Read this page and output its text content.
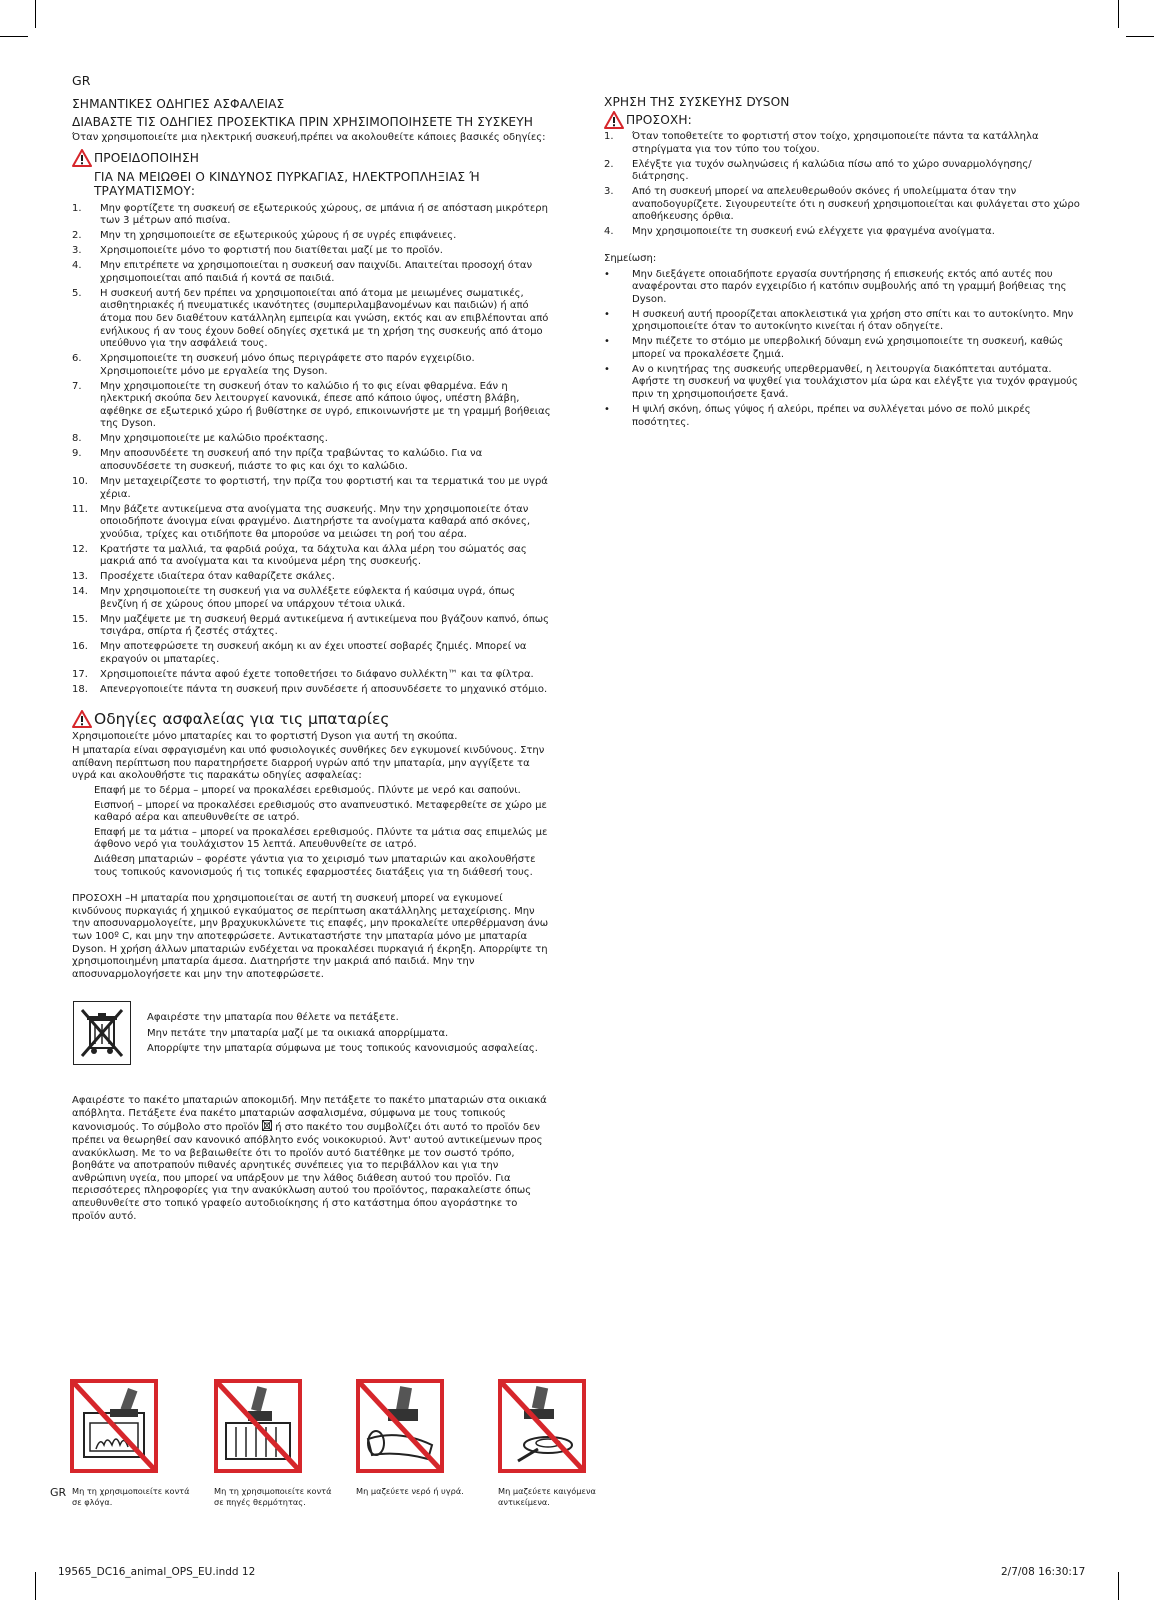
GR
ΣΗΜΑΝΤΙΚΕΣ ΟΔΗΓΙΕΣ ΑΣΦΑΛΕΙΑΣ
ΔΙΑΒΑΣΤΕ ΤΙΣ ΟΔΗΓΙΕΣ ΠΡΟΣΕΚΤΙΚΑ ΠΡΙΝ ΧΡΗΣΙΜΟΠΟΙΗΣΕΤΕ ΤΗ ΣΥΣΚΕΥΗ

Όταν χρησιμοποιείτε μια ηλεκτρική συσκευή,πρέπει να ακολουθείτε κάποιες βασικές οδηγίες:

ΠΡΟΕΙΔΟΠΟΙΗΣΗ

ΓΙΑ ΝΑ ΜΕΙΩΘΕΙ Ο ΚΙΝΔΥΝΟΣ ΠΥΡΚΑΓΙΑΣ, ΗΛΕΚΤΡΟΠΛΗΞΙΑΣ Ή ΤΡΑΥΜΑΤΙΣΜΟΥ:

1.	Μην φορτίζετε τη συσκευή σε εξωτερικούς χώρους, σε μπάνια ή σε απόσταση μικρότερη των 3 μέτρων από πισίνα.
2.	Μην τη χρησιμοποιείτε σε εξωτερικούς χώρους ή σε υγρές επιφάνειες.
3.	Χρησιμοποιείτε μόνο το φορτιστή που διατίθεται μαζί με το προϊόν.
4.	Μην επιτρέπετε να χρησιμοποιείται η συσκευή σαν παιχνίδι. Απαιτείται προσοχή όταν χρησιμοποιείται από παιδιά ή κοντά σε παιδιά.
5.	Η συσκευή αυτή δεν πρέπει να χρησιμοποιείται από άτομα με μειωμένες σωματικές, αισθητηριακές ή πνευματικές ικανότητες (συμπεριλαμβανομένων και παιδιών) ή από άτομα που δεν διαθέτουν κατάλληλη εμπειρία και γνώση, εκτός και αν επιβλέπονται από ενήλικους ή αν τους έχουν δοθεί οδηγίες σχετικά με τη χρήση της συσκευής από άτομο υπεύθυνο για την ασφάλειά τους.
6.	Χρησιμοποιείτε τη συσκευή μόνο όπως περιγράφετε στο παρόν εγχειρίδιο. Χρησιμοποιείτε μόνο με εργαλεία της Dyson.
7.	Μην χρησιμοποιείτε τη συσκευή όταν το καλώδιο ή το φις είναι φθαρμένα. Εάν η ηλεκτρική σκούπα δεν λειτουργεί κανονικά, έπεσε από κάποιο ύψος, υπέστη βλάβη, αφέθηκε σε εξωτερικό χώρο ή βυθίστηκε σε υγρό, επικοινωνήστε με τη γραμμή βοήθειας της Dyson.
8.	Μην χρησιμοποιείτε με καλώδιο προέκτασης.
9.	Μην αποσυνδέετε τη συσκευή από την πρίζα τραβώντας το καλώδιο. Για να αποσυνδέσετε τη συσκευή, πιάστε το φις και όχι το καλώδιο.
10.	Μην μεταχειρίζεστε το φορτιστή, την πρίζα του φορτιστή και τα τερματικά του με υγρά χέρια.
11.	Μην βάζετε αντικείμενα στα ανοίγματα της συσκευής. Μην την χρησιμοποιείτε όταν οποιοδήποτε άνοιγμα είναι φραγμένο. Διατηρήστε τα ανοίγματα καθαρά από σκόνες, χνούδια, τρίχες και οτιδήποτε θα μπορούσε να μειώσει τη ροή του αέρα.
12.	Κρατήστε τα μαλλιά, τα φαρδιά ρούχα, τα δάχτυλα και άλλα μέρη του σώματός σας μακριά από τα ανοίγματα και τα κινούμενα μέρη της συσκευής.
13.	Προσέχετε ιδιαίτερα όταν καθαρίζετε σκάλες.
14.	Μην χρησιμοποιείτε τη συσκευή για να συλλέξετε εύφλεκτα ή καύσιμα υγρά, όπως βενζίνη ή σε χώρους όπου μπορεί να υπάρχουν τέτοια υλικά.
15.	Μην μαζέψετε με τη συσκευή θερμά αντικείμενα ή αντικείμενα που βγάζουν καπνό, όπως τσιγάρα, σπίρτα ή ζεστές στάχτες.
16.	Μην αποτεφρώσετε τη συσκευή ακόμη κι αν έχει υποστεί σοβαρές ζημιές. Μπορεί να εκραγούν οι μπαταρίες.
17.	Χρησιμοποιείτε πάντα αφού έχετε τοποθετήσει το διάφανο συλλέκτη™ και τα φίλτρα.
18.	Απενεργοποιείτε πάντα τη συσκευή πριν συνδέσετε ή αποσυνδέσετε το μηχανικό στόμιο.
Οδηγίες ασφαλείας για τις μπαταρίες

Χρησιμοποιείτε μόνο μπαταρίες και το φορτιστή Dyson για αυτή τη σκούπα.

Η μπαταρία είναι σφραγισμένη και υπό φυσιολογικές συνθήκες δεν εγκυμονεί κινδύνους. Στην απίθανη περίπτωση που παρατηρήσετε διαρροή υγρών από την μπαταρία, μην αγγίξετε τα υγρά και ακολουθήστε τις παρακάτω οδηγίες ασφαλείας:

Επαφή με το δέρμα – μπορεί να προκαλέσει ερεθισμούς. Πλύντε με νερό και σαπούνι.

Εισπνοή – μπορεί να προκαλέσει ερεθισμούς στο αναπνευστικό. Μεταφερθείτε σε χώρο με καθαρό αέρα και απευθυνθείτε σε ιατρό.

Επαφή με τα μάτια – μπορεί να προκαλέσει ερεθισμούς. Πλύντε τα μάτια σας επιμελώς με άφθονο νερό για τουλάχιστον 15 λεπτά. Απευθυνθείτε σε ιατρό.

Διάθεση μπαταριών – φορέστε γάντια για το χειρισμό των μπαταριών και ακολουθήστε τους τοπικούς κανονισμούς ή τις τοπικές εφαρμοστέες διατάξεις για τη διάθεσή τους.

ΠΡΟΣΟΧΗ –Η μπαταρία που χρησιμοποιείται σε αυτή τη συσκευή μπορεί να εγκυμονεί κινδύνους πυρκαγιάς ή χημικού εγκαύματος σε περίπτωση ακατάλληλης μεταχείρισης. Μην την αποσυναρμολογείτε, μην βραχυκυκλώνετε τις επαφές, μην προκαλείτε υπερθέρμανση άνω των 100º C, και μην την αποτεφρώσετε. Αντικαταστήστε την μπαταρία μόνο με μπαταρία Dyson. Η χρήση άλλων μπαταριών ενδέχεται να προκαλέσει πυρκαγιά ή έκρηξη. Απορρίψτε τη χρησιμοποιημένη μπαταρία άμεσα. Διατηρήστε την μακριά από παιδιά. Μην την αποσυναρμολογήσετε και μην την αποτεφρώσετε.

Αφαιρέστε την μπαταρία που θέλετε να πετάξετε.

Μην πετάτε την μπαταρία μαζί με τα οικιακά απορρίμματα.

Απορρίψτε την μπαταρία σύμφωνα με τους τοπικούς κανονισμούς ασφαλείας.

Αφαιρέστε το πακέτο μπαταριών αποκομιδή. Μην πετάξετε το πακέτο μπαταριών στα οικιακά απόβλητα. Πετάξετε ένα πακέτο μπαταριών ασφαλισμένα, σύμφωνα με τους τοπικούς κανονισμούς. Το σύμβολο στο προϊόν  ή στο πακέτο του συμβολίζει ότι αυτό το προϊόν δεν πρέπει να θεωρηθεί σαν κανονικό απόβλητο ενός νοικοκυριού. Άντ' αυτού αντικείμενων προς ανακύκλωση. Με το να βεβαιωθείτε ότι το προϊόν αυτό διατέθηκε με τον σωστό τρόπο, βοηθάτε να αποτραπούν πιθανές αρνητικές συνέπειες για το περιβάλλον και για την ανθρώπινη υγεία, που μπορεί να υπάρξουν με την λάθος διάθεση αυτού του προϊόν. Για περισσότερες πληροφορίες για την ανακύκλωση αυτού του προϊόντος, παρακαλείστε όπως απευθυνθείτε στο τοπικό γραφείο αυτοδιοίκησης ή στο κατάστημα όπου αγοράστηκε το προϊόν αυτό.

ΧΡΗΣΗ ΤΗΣ ΣΥΣΚΕΥΗΣ DYSON
ΠΡΟΣΟΧΗ:
1.	Όταν τοποθετείτε το φορτιστή στον τοίχο, χρησιμοποιείτε πάντα τα κατάλληλα στηρίγματα για τον τύπο του τοίχου.
2.	Ελέγξτε για τυχόν σωληνώσεις ή καλώδια πίσω από το χώρο συναρμολόγησης/διάτρησης.
3.	Από τη συσκευή μπορεί να απελευθερωθούν σκόνες ή υπολείμματα όταν την αναποδογυρίζετε. Σιγουρευτείτε ότι η συσκευή χρησιμοποιείται και φυλάγεται στο χώρο αποθήκευσης όρθια.
4.	Μην χρησιμοποιείτε τη συσκευή ενώ ελέγχετε για φραγμένα ανοίγματα.

Σημείωση:

•	Μην διεξάγετε οποιαδήποτε εργασία συντήρησης ή επισκευής εκτός από αυτές που αναφέρονται στο παρόν εγχειρίδιο ή κατόπιν συμβουλής από τη γραμμή βοήθειας της Dyson.
•	Η συσκευή αυτή προορίζεται αποκλειστικά για χρήση στο σπίτι και το αυτοκίνητο. Μην χρησιμοποιείτε όταν το αυτοκίνητο κινείται ή όταν οδηγείτε.
•	Μην πιέζετε το στόμιο με υπερβολική δύναμη ενώ χρησιμοποιείτε τη συσκευή, καθώς μπορεί να προκαλέσετε ζημιά.
•	Αν ο κινητήρας της συσκευής υπερθερμανθεί, η λειτουργία διακόπτεται αυτόματα. Αφήστε τη συσκευή να ψυχθεί για τουλάχιστον μία ώρα και ελέγξτε για τυχόν φραγμούς πριν τη χρησιμοποιήσετε ξανά.
•	Η ψιλή σκόνη, όπως γύψος ή αλεύρι, πρέπει να συλλέγεται μόνο σε πολύ μικρές ποσότητες.
GR Μη τη χρησιμοποιείτε κοντά σε φλόγα.
Μη τη χρησιμοποιείτε κοντά σε πηγές θερμότητας.
Μη μαζεύετε νερό ή υγρά.	Μη μαζεύετε καιγόμενα αντικείμενα.
19565_DC16_animal_OPS_EU.indd 12	2/7/08 16:30:17
